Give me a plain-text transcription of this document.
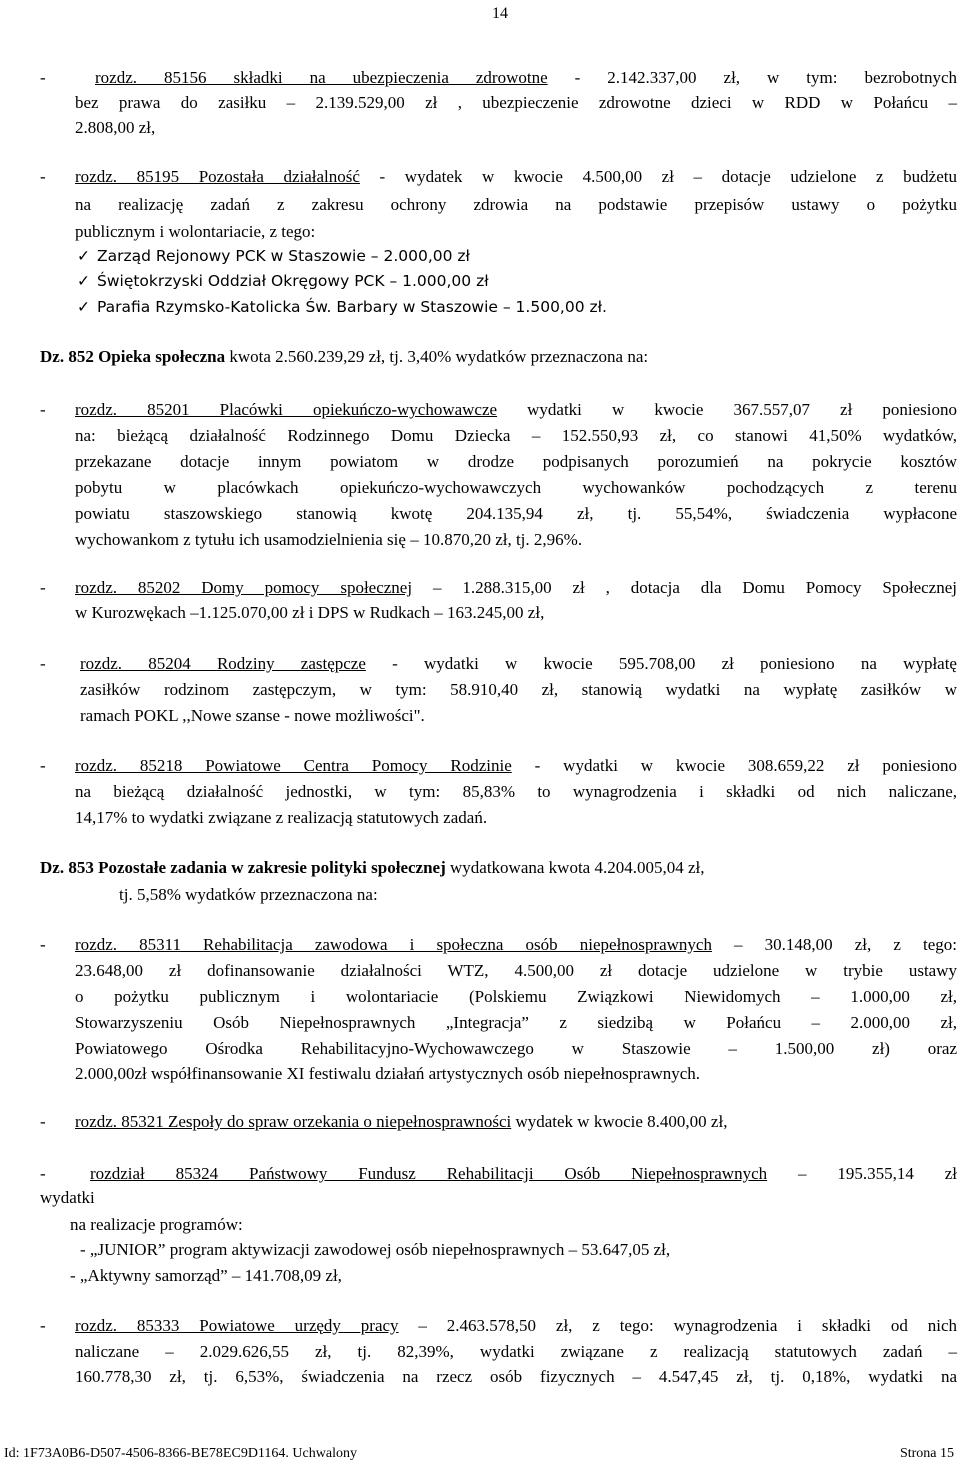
14
-	rozdz. 85156 składki na ubezpieczenia zdrowotne - 2.142.337,00 zł, w tym: bezrobotnych
bez prawa do zasiłku – 2.139.529,00 zł , ubezpieczenie zdrowotne dzieci w RDD w Połańcu –
2.808,00 zł,
- rozdz. 85195 Pozostała działalność - wydatek w kwocie 4.500,00 zł – dotacje udzielone z budżetu
na realizację zadań z zakresu ochrony zdrowia na podstawie przepisów ustawy o pożytku
publicznym i wolontariacie, z tego:
✓ Zarząd Rejonowy PCK w Staszowie – 2.000,00 zł
✓ Świętokrzyski Oddział Okręgowy PCK – 1.000,00 zł
✓ Parafia Rzymsko-Katolicka Św. Barbary w Staszowie – 1.500,00 zł.
Dz. 852 Opieka społeczna kwota 2.560.239,29 zł, tj. 3,40% wydatków przeznaczona na:
- rozdz. 85201 Placówki opiekuńczo-wychowawcze wydatki w kwocie 367.557,07 zł poniesiono
na: bieżącą działalność Rodzinnego Domu Dziecka – 152.550,93 zł, co stanowi 41,50% wydatków,
przekazane dotacje innym powiatom w drodze podpisanych porozumień na pokrycie kosztów
pobytu w placówkach opiekuńczo-wychowawczych wychowanków pochodzących z terenu
powiatu staszowskiego stanowią kwotę 204.135,94 zł, tj. 55,54%, świadczenia wypłacone
wychowankom z tytułu ich usamodzielnienia się – 10.870,20 zł, tj. 2,96%.
- rozdz. 85202 Domy pomocy społecznej – 1.288.315,00 zł , dotacja dla Domu Pomocy Społecznej
w Kurozwękach –1.125.070,00 zł i DPS w Rudkach – 163.245,00 zł,
- rozdz. 85204 Rodziny zastępcze - wydatki w kwocie 595.708,00 zł poniesiono na wypłatę
zasiłków rodzinom zastępczym, w tym: 58.910,40 zł, stanowią wydatki na wypłatę zasiłków w
ramach POKL ,,Nowe szanse - nowe możliwości".
- rozdz. 85218 Powiatowe Centra Pomocy Rodzinie - wydatki w kwocie 308.659,22 zł poniesiono
na bieżącą działalność jednostki, w tym: 85,83% to wynagrodzenia i składki od nich naliczane,
14,17% to wydatki związane z realizacją statutowych zadań.
Dz. 853 Pozostałe zadania w zakresie polityki społecznej wydatkowana kwota 4.204.005,04 zł,
tj. 5,58% wydatków przeznaczona na:
- rozdz. 85311 Rehabilitacja zawodowa i społeczna osób niepełnosprawnych – 30.148,00 zł, z tego:
23.648,00 zł dofinansowanie działalności WTZ, 4.500,00 zł dotacje udzielone w trybie ustawy
o pożytku publicznym i wolontariacie (Polskiemu Związkowi Niewidomych – 1.000,00 zł,
Stowarzyszeniu Osób Niepełnosprawnych „Integracja” z siedzibą w Połańcu – 2.000,00 zł,
Powiatowego Ośrodka Rehabilitacyjno-Wychowawczego w Staszowie – 1.500,00 zł) oraz
2.000,00zł współfinansowanie XI festiwalu działań artystycznych osób niepełnosprawnych.
- rozdz. 85321 Zespoły do spraw orzekania o niepełnosprawności wydatek w kwocie 8.400,00 zł,
-	rozdział 85324 Państwowy Fundusz Rehabilitacji Osób Niepełnosprawnych – 195.355,14 zł
wydatki
na realizacje programów:
- „JUNIOR” program aktywizacji zawodowej osób niepełnosprawnych – 53.647,05 zł,
- „Aktywny samorząd” – 141.708,09 zł,
- rozdz. 85333 Powiatowe urzędy pracy – 2.463.578,50 zł, z tego: wynagrodzenia i składki od nich
naliczane – 2.029.626,55 zł, tj. 82,39%, wydatki związane z realizacją statutowych zadań –
160.778,30 zł, tj. 6,53%, świadczenia na rzecz osób fizycznych – 4.547,45 zł, tj. 0,18%, wydatki na
Id: 1F73A0B6-D507-4506-8366-BE78EC9D1164. Uchwalony	Strona 15
